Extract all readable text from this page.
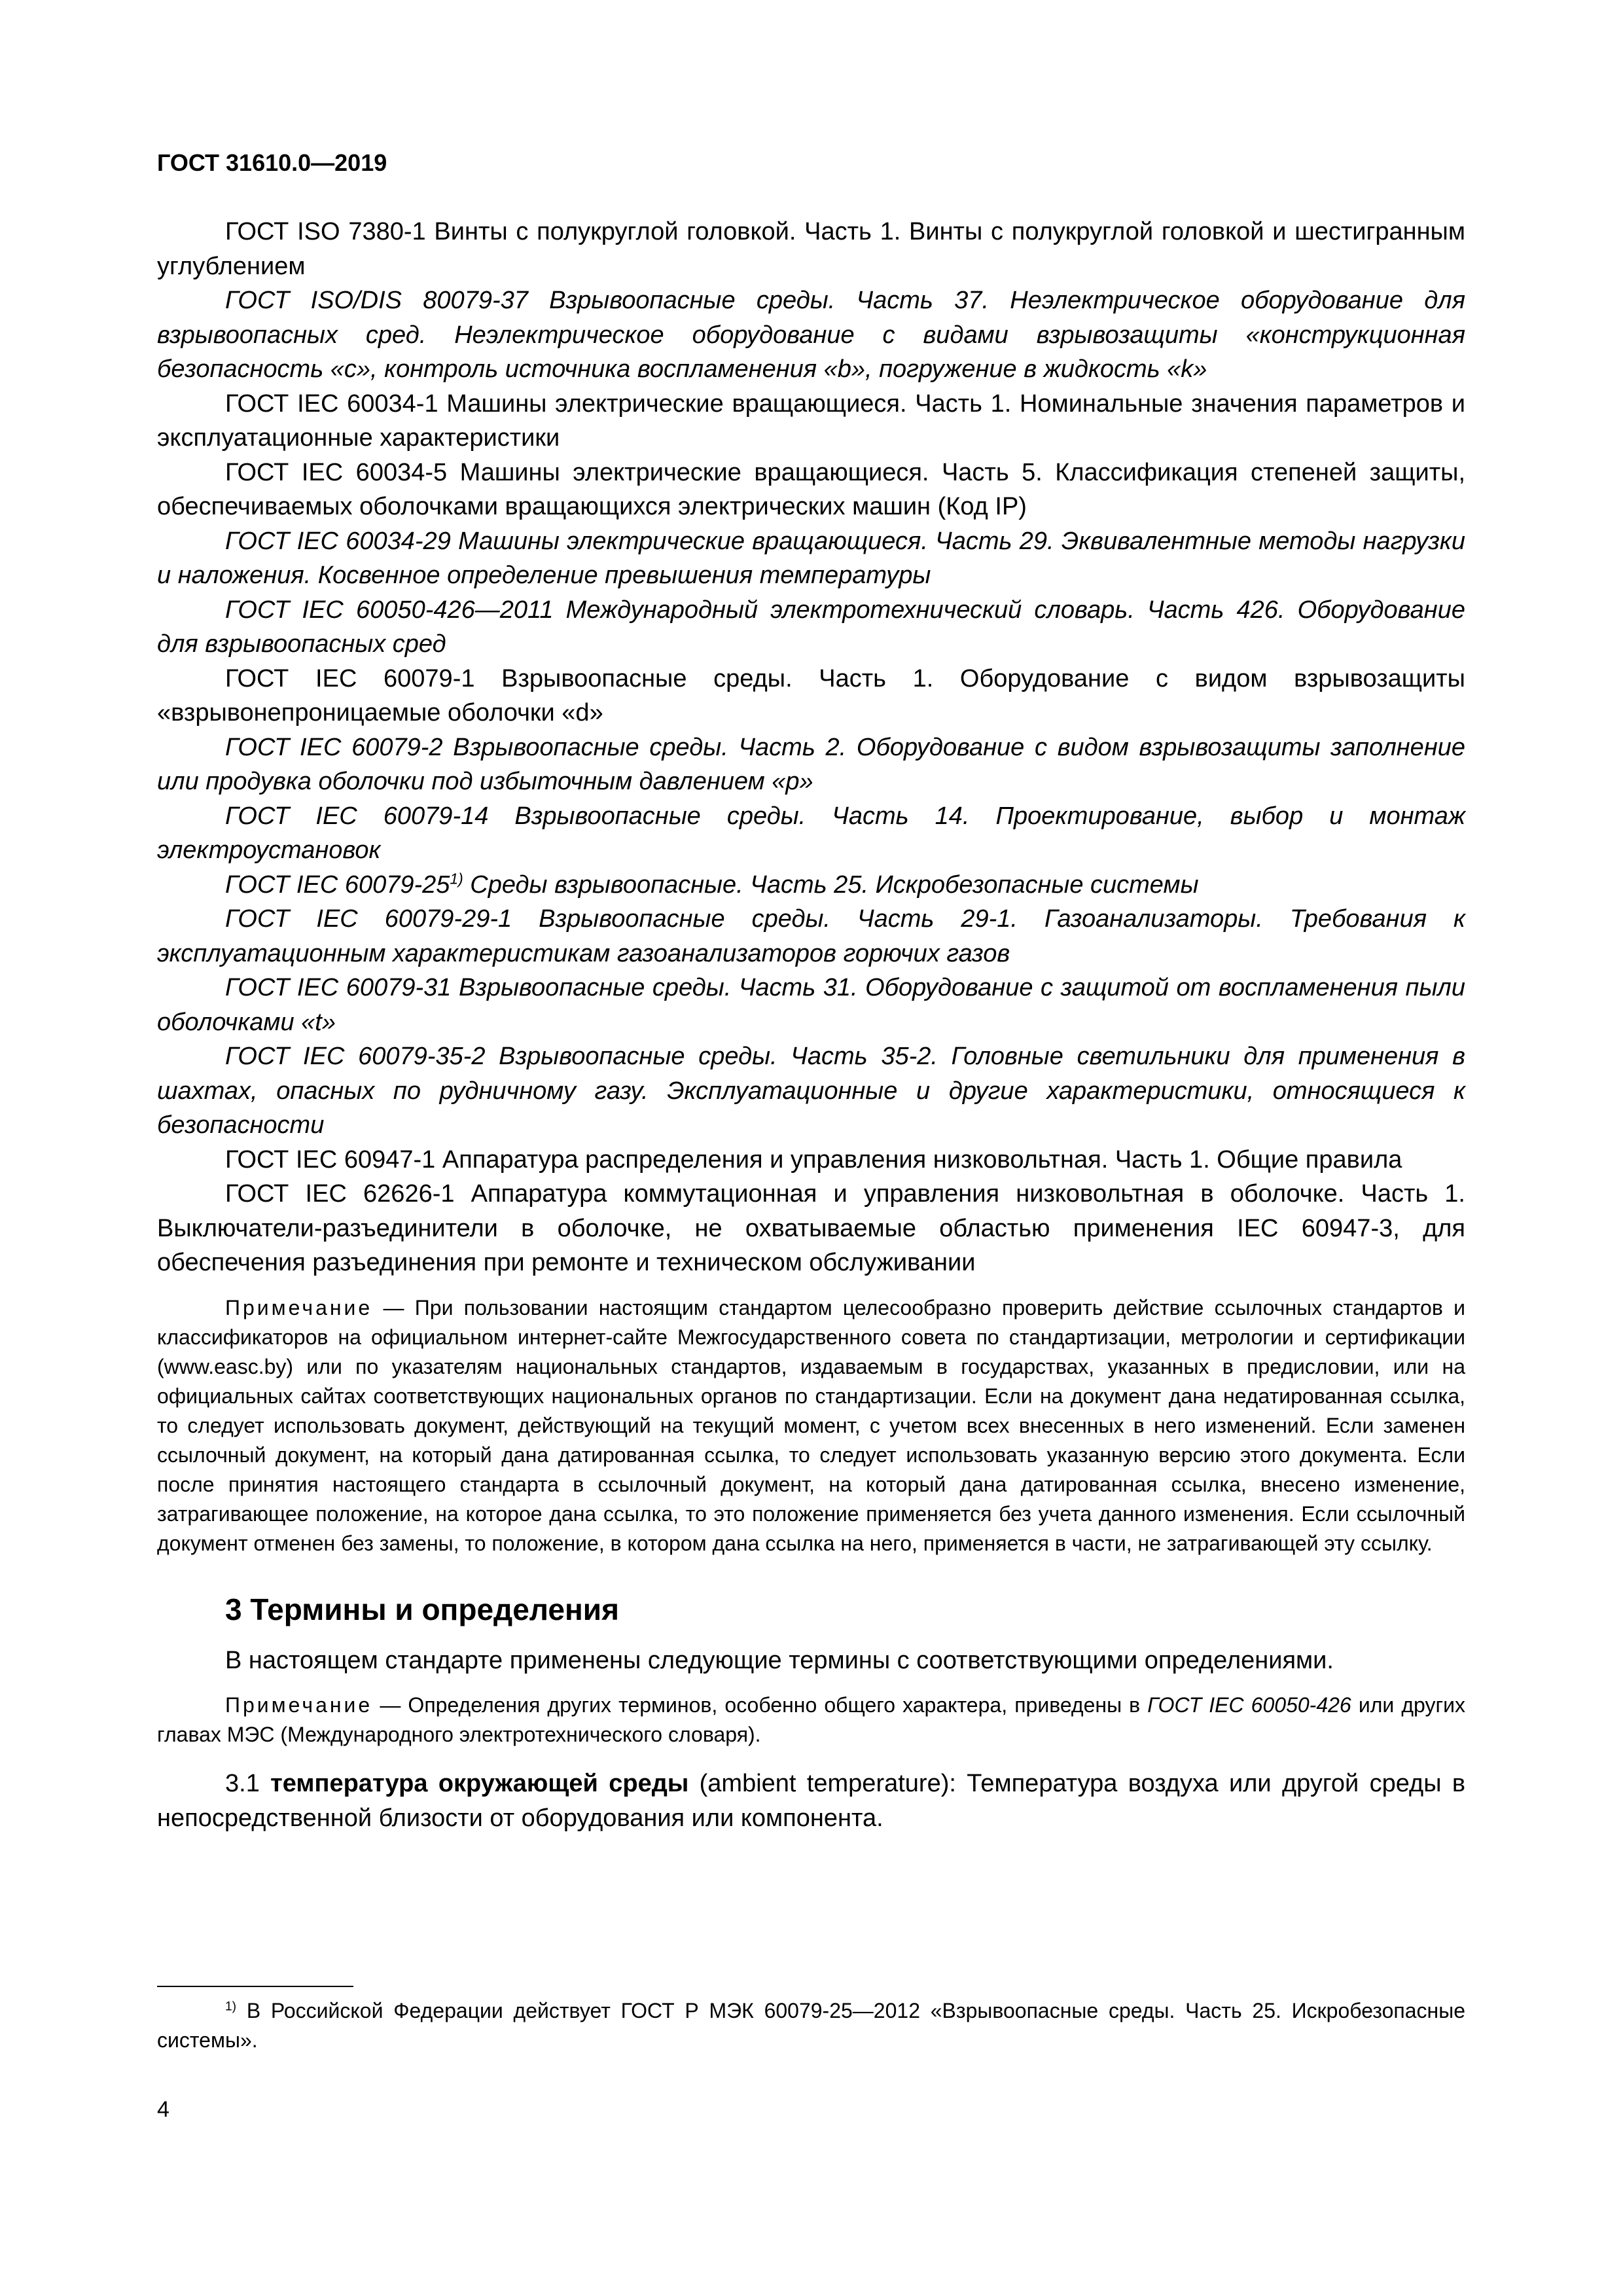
ГОСТ 31610.0—2019

ГОСТ ISO 7380-1 Винты с полукруглой головкой. Часть 1. Винты с полукруглой головкой и шестигранным углублением

ГОСТ ISO/DIS 80079-37 Взрывоопасные среды. Часть 37. Неэлектрическое оборудование для взрывоопасных сред. Неэлектрическое оборудование с видами взрывозащиты «конструкционная безопасность «с», контроль источника воспламенения «b», погружение в жидкость «k»

ГОСТ IEC 60034-1 Машины электрические вращающиеся. Часть 1. Номинальные значения параметров и эксплуатационные характеристики

ГОСТ IEC 60034-5 Машины электрические вращающиеся. Часть 5. Классификация степеней защиты, обеспечиваемых оболочками вращающихся электрических машин (Код IP)

ГОСТ IEC 60034-29 Машины электрические вращающиеся. Часть 29. Эквивалентные методы нагрузки и наложения. Косвенное определение превышения температуры

ГОСТ IEC 60050-426—2011 Международный электротехнический словарь. Часть 426. Оборудование для взрывоопасных сред

ГОСТ IEC 60079-1 Взрывоопасные среды. Часть 1. Оборудование с видом взрывозащиты «взрывонепроницаемые оболочки «d»

ГОСТ IEC 60079-2 Взрывоопасные среды. Часть 2. Оборудование с видом взрывозащиты заполнение или продувка оболочки под избыточным давлением «р»

ГОСТ IEC 60079-14 Взрывоопасные среды. Часть 14. Проектирование, выбор и монтаж электроустановок

ГОСТ IEC 60079-25$^{1)}$ Среды взрывоопасные. Часть 25. Искробезопасные системы

ГОСТ IEC 60079-29-1 Взрывоопасные среды. Часть 29-1. Газоанализаторы. Требования к эксплуатационным характеристикам газоанализаторов горючих газов

ГОСТ IEC 60079-31 Взрывоопасные среды. Часть 31. Оборудование с защитой от воспламенения пыли оболочками «t»

ГОСТ IEC 60079-35-2 Взрывоопасные среды. Часть 35-2. Головные светильники для применения в шахтах, опасных по рудничному газу. Эксплуатационные и другие характеристики, относящиеся к безопасности

ГОСТ IEC 60947-1 Аппаратура распределения и управления низковольтная. Часть 1. Общие правила

ГОСТ IEC 62626-1 Аппаратура коммутационная и управления низковольтная в оболочке. Часть 1. Выключатели-разъединители в оболочке, не охватываемые областью применения IEC 60947-3, для обеспечения разъединения при ремонте и техническом обслуживании

Примечание — При пользовании настоящим стандартом целесообразно проверить действие ссылочных стандартов и классификаторов на официальном интернет-сайте Межгосударственного совета по стандартизации, метрологии и сертификации (www.easc.by) или по указателям национальных стандартов, издаваемым в государствах, указанных в предисловии, или на официальных сайтах соответствующих национальных органов по стандартизации. Если на документ дана недатированная ссылка, то следует использовать документ, действующий на текущий момент, с учетом всех внесенных в него изменений. Если заменен ссылочный документ, на который дана датированная ссылка, то следует использовать указанную версию этого документа. Если после принятия настоящего стандарта в ссылочный документ, на который дана датированная ссылка, внесено изменение, затрагивающее положение, на которое дана ссылка, то это положение применяется без учета данного изменения. Если ссылочный документ отменен без замены, то положение, в котором дана ссылка на него, применяется в части, не затрагивающей эту ссылку.

3 Термины и определения

В настоящем стандарте применены следующие термины с соответствующими определениями.

Примечание — Определения других терминов, особенно общего характера, приведены в ГОСТ IEC 60050-426 или других главах МЭС (Международного электротехнического словаря).

3.1 температура окружающей среды (ambient temperature): Температура воздуха или другой среды в непосредственной близости от оборудования или компонента.

$^{1)}$ В Российской Федерации действует ГОСТ Р МЭК 60079-25—2012 «Взрывоопасные среды. Часть 25. Искробезопасные системы».

4
